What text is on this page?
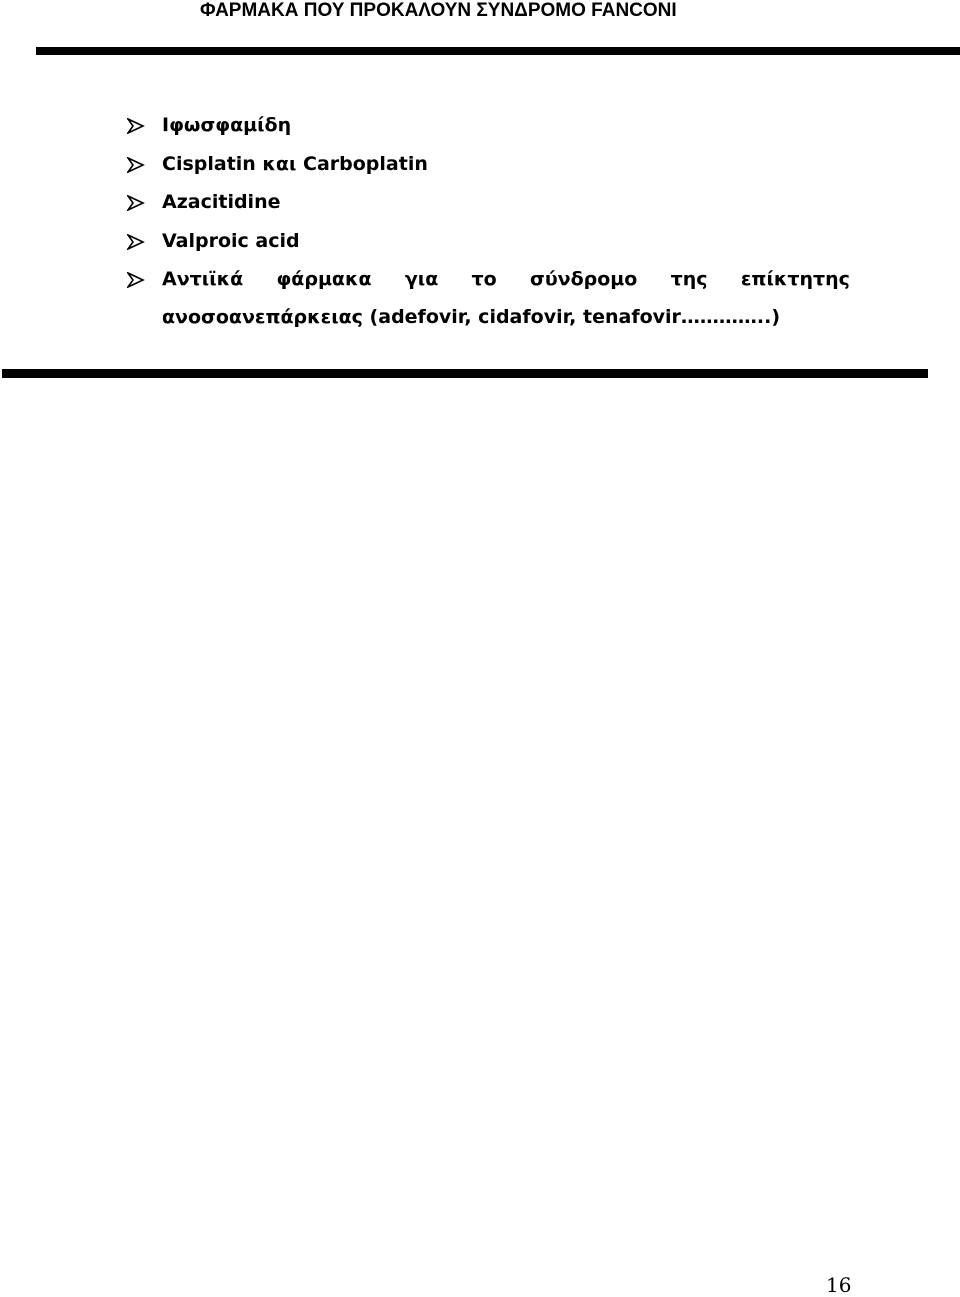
ΦΑΡΜΑΚΑ ΠΟΥ ΠΡΟΚΑΛΟΥΝ ΣΥΝΔΡΟΜΟ FANCONI
Ιφωσφαμίδη
Cisplatin και Carboplatin
Azacitidine
Valproic acid
Αντιϊκά φάρμακα για το σύνδρομο της επίκτητης
ανοσοανεπάρκειας (adefovir, cidafovir, tenafovir…………..)
16
